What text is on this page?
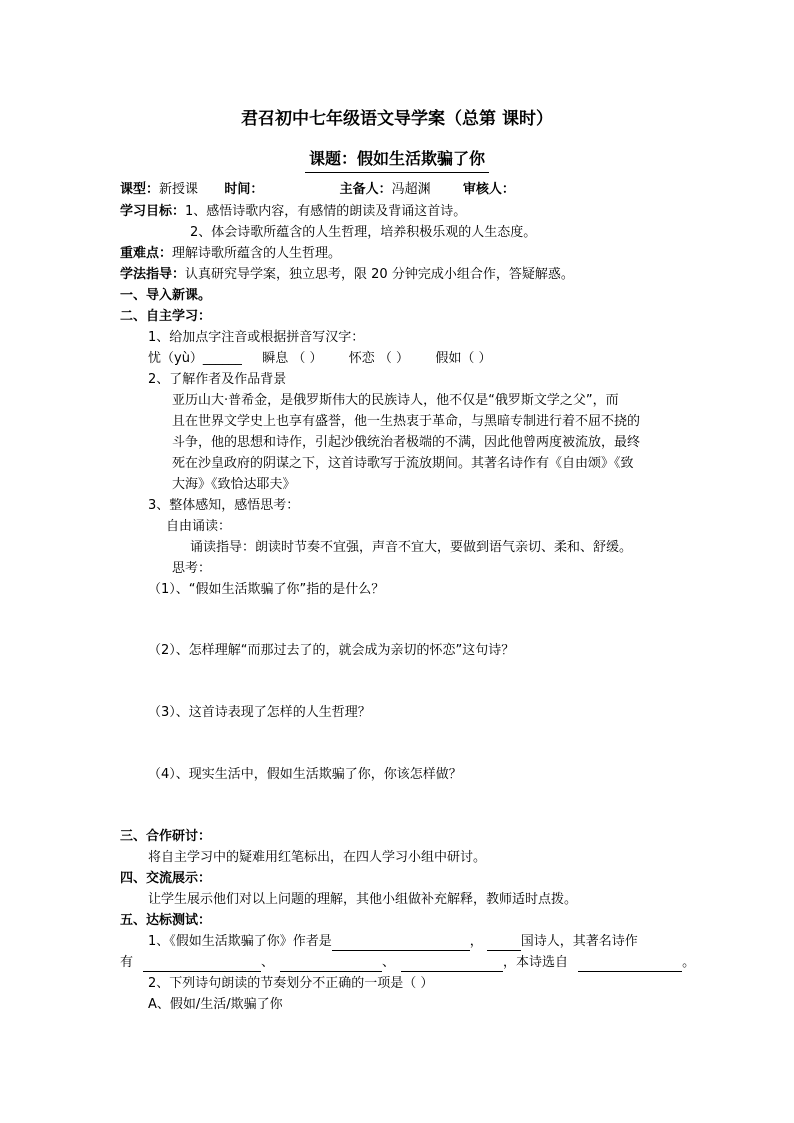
君召初中七年级语文导学案（总第 课时）
课题：假如生活欺骗了你
课型：新授课 时间：	主备人：冯超渊 审核人：
学习目标：1、感悟诗歌内容，有感情的朗读及背诵这首诗。
2、体会诗歌所蕴含的人生哲理，培养积极乐观的人生态度。
重难点：理解诗歌所蕴含的人生哲理。
学法指导：认真研究导学案，独立思考，限 20 分钟完成小组合作，答疑解惑。
一、导入新课。
二、自主学习：
1、给加点字注音或根据拼音写汉字：
忧（yù）______ 瞬息 （ ） 怀恋 （ ） 假如（ ）
2、了解作者及作品背景
亚历山大·普希金，是俄罗斯伟大的民族诗人，他不仅是“俄罗斯文学之父”，而
且在世界文学史上也享有盛誉，他一生热衷于革命，与黑暗专制进行着不屈不挠的
斗争，他的思想和诗作，引起沙俄统治者极端的不满，因此他曾两度被流放，最终
死在沙皇政府的阴谋之下，这首诗歌写于流放期间。其著名诗作有《自由颂》《致
大海》《致恰达耶夫》
3、整体感知，感悟思考：
自由诵读：
诵读指导：朗读时节奏不宜强，声音不宜大，要做到语气亲切、柔和、舒缓。
思考：
（1）、“假如生活欺骗了你”指的是什么？
（2）、怎样理解“而那过去了的，就会成为亲切的怀恋”这句诗？
（3）、这首诗表现了怎样的人生哲理？
（4）、现实生活中，假如生活欺骗了你，你该怎样做？
三、合作研讨：
将自主学习中的疑难用红笔标出，在四人学习小组中研讨。
四、交流展示：
让学生展示他们对以上问题的理解，其他小组做补充解释，教师适时点拨。
五、达标测试：
1、《假如生活欺骗了你》作者是	，	国诗人，其著名诗作
有	、	、	，本诗选自	。
2、下列诗句朗读的节奏划分不正确的一项是（ ）
A、假如/生活/欺骗了你
